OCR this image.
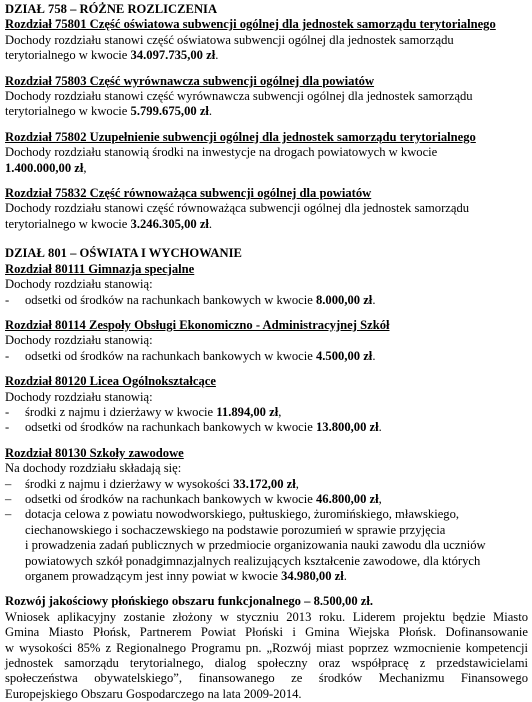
DZIAŁ 758 – RÓŻNE ROZLICZENIA
Rozdział 75801 Część oświatowa subwencji ogólnej dla jednostek samorządu terytorialnego
Dochody rozdziału stanowi część oświatowa subwencji ogólnej dla jednostek samorządu
terytorialnego w kwocie 34.097.735,00 zł.
Rozdział 75803 Część wyrównawcza subwencji ogólnej dla powiatów
Dochody rozdziału stanowi część wyrównawcza subwencji ogólnej dla jednostek samorządu
terytorialnego w kwocie 5.799.675,00 zł.
Rozdział 75802 Uzupełnienie subwencji ogólnej dla jednostek samorządu terytorialnego
Dochody rozdziału stanowią środki na inwestycje na drogach powiatowych w kwocie
1.400.000,00 zł,
Rozdział 75832 Część równoważąca subwencji ogólnej dla powiatów
Dochody rozdziału stanowi część równoważąca subwencji ogólnej dla jednostek samorządu
terytorialnego w kwocie 3.246.305,00 zł.
DZIAŁ 801 – OŚWIATA I WYCHOWANIE
Rozdział 80111 Gimnazja specjalne
Dochody rozdziału stanowią:
-	odsetki od środków na rachunkach bankowych w kwocie 8.000,00 zł.
Rozdział 80114 Zespoły Obsługi Ekonomiczno - Administracyjnej Szkół
Dochody rozdziału stanowią:
-	odsetki od środków na rachunkach bankowych w kwocie 4.500,00 zł.
Rozdział 80120 Licea Ogólnokształcące
Dochody rozdziału stanowią:
-	środki z najmu i dzierżawy w kwocie 11.894,00 zł,
-	odsetki od środków na rachunkach bankowych w kwocie 13.800,00 zł.
Rozdział 80130 Szkoły zawodowe
Na dochody rozdziału składają się:
–	środki z najmu i dzierżawy w wysokości 33.172,00 zł,
–	odsetki od środków na rachunkach bankowych w kwocie 46.800,00 zł,
–	dotacja celowa z powiatu nowodworskiego, pułtuskiego, żuromińskiego, mławskiego,
ciechanowskiego i sochaczewskiego na podstawie porozumień w sprawie przyjęcia
i prowadzenia zadań publicznych w przedmiocie organizowania nauki zawodu dla uczniów
powiatowych szkół ponadgimnazjalnych realizujących kształcenie zawodowe, dla których
organem prowadzącym jest inny powiat w kwocie 34.980,00 zł.
Rozwój jakościowy płońskiego obszaru funkcjonalnego – 8.500,00 zł.
Wniosek aplikacyjny zostanie złożony w styczniu 2013 roku. Liderem projektu będzie Miasto
Gmina Miasto Płońsk, Partnerem Powiat Płoński i Gmina Wiejska Płońsk. Dofinansowanie
w wysokości 85% z Regionalnego Programu pn. „Rozwój miast poprzez wzmocnienie kompetencji
jednostek samorządu terytorialnego, dialog społeczny oraz współpracę z przedstawicielami
społeczeństwa obywatelskiego”, finansowanego ze środków Mechanizmu Finansowego
Europejskiego Obszaru Gospodarczego na lata 2009-2014.
